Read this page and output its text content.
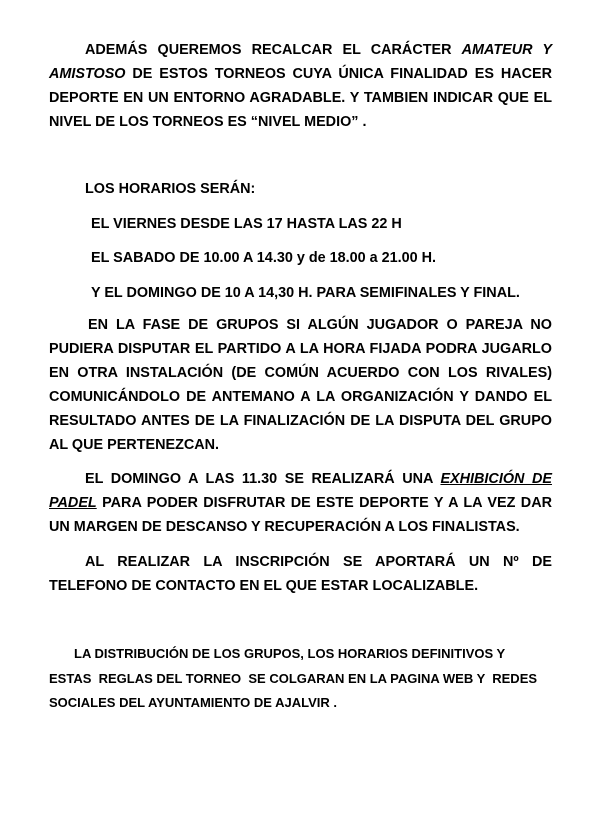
ADEMÁS QUEREMOS RECALCAR EL CARÁCTER AMATEUR Y AMISTOSO DE ESTOS TORNEOS CUYA ÚNICA FINALIDAD ES HACER DEPORTE EN UN ENTORNO AGRADABLE. Y TAMBIEN INDICAR QUE EL NIVEL DE LOS TORNEOS ES “NIVEL MEDIO” .

LOS HORARIOS SERÁN:

EL VIERNES DESDE LAS 17 HASTA LAS 22 H

EL SABADO DE 10.00 A 14.30 y de 18.00 a 21.00 H.

Y EL DOMINGO DE 10 A 14,30 H. PARA SEMIFINALES Y FINAL.

EN LA FASE DE GRUPOS SI ALGÚN JUGADOR O PAREJA NO PUDIERA DISPUTAR EL PARTIDO A LA HORA FIJADA PODRA JUGARLO EN OTRA INSTALACIÓN (DE COMÚN ACUERDO CON LOS RIVALES) COMUNICÁNDOLO DE ANTEMANO A LA ORGANIZACIÓN Y DANDO EL RESULTADO ANTES DE LA FINALIZACIÓN DE LA DISPUTA DEL GRUPO AL QUE PERTENEZCAN.

EL DOMINGO A LAS 11.30 SE REALIZARÁ UNA EXHIBICIÓN DE PADEL PARA PODER DISFRUTAR DE ESTE DEPORTE Y A LA VEZ DAR UN MARGEN DE DESCANSO Y RECUPERACIÓN A LOS FINALISTAS.

AL REALIZAR LA INSCRIPCIÓN SE APORTARÁ UN Nº DE TELEFONO DE CONTACTO EN EL QUE ESTAR LOCALIZABLE.

LA DISTRIBUCIÓN DE LOS GRUPOS, LOS HORARIOS DEFINITIVOS Y
ESTAS  REGLAS DEL TORNEO  SE COLGARAN EN LA PAGINA WEB Y  REDES
SOCIALES DEL AYUNTAMIENTO DE AJALVIR .
